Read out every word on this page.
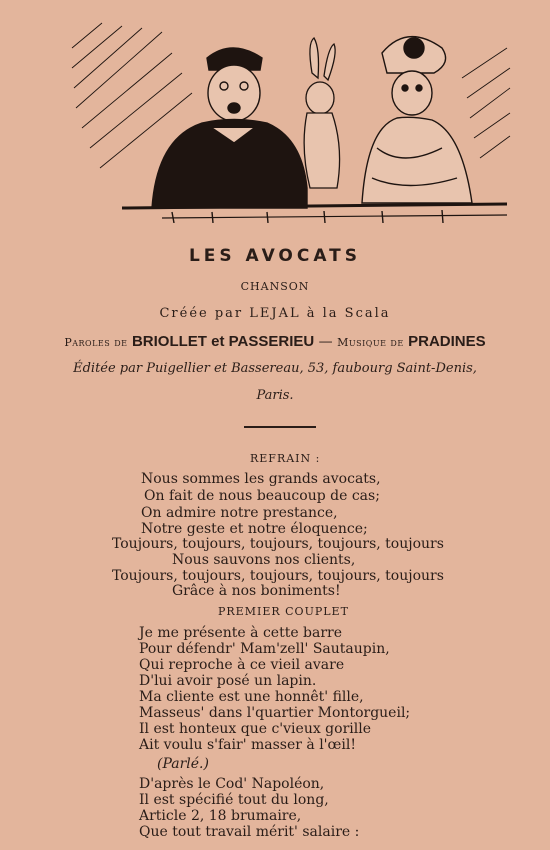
LES AVOCATS
CHANSON
Créée par LEJAL à la Scala
Paroles de BRIOLLET et PASSERIEU — Musique de PRADINES
Éditée par Puigellier et Bassereau, 53, faubourg Saint-Denis,
Paris.
REFRAIN :
Nous sommes les grands avocats,
On fait de nous beaucoup de cas;
On admire notre prestance,
Notre geste et notre éloquence;
Toujours, toujours, toujours, toujours, toujours
Nous sauvons nos clients,
Toujours, toujours, toujours, toujours, toujours
Grâce à nos boniments!
PREMIER COUPLET
Je me présente à cette barre
Pour défendr' Mam'zell' Sautaupin,
Qui reproche à ce vieil avare
D'lui avoir posé un lapin.
Ma cliente est une honnêt' fille,
Masseus' dans l'quartier Montorgueil;
Il est honteux que c'vieux gorille
Ait voulu s'fair' masser à l'œil!
(Parlé.)
D'après le Cod' Napoléon,
Il est spécifié tout du long,
Article 2, 18 brumaire,
Que tout travail mérit' salaire :
